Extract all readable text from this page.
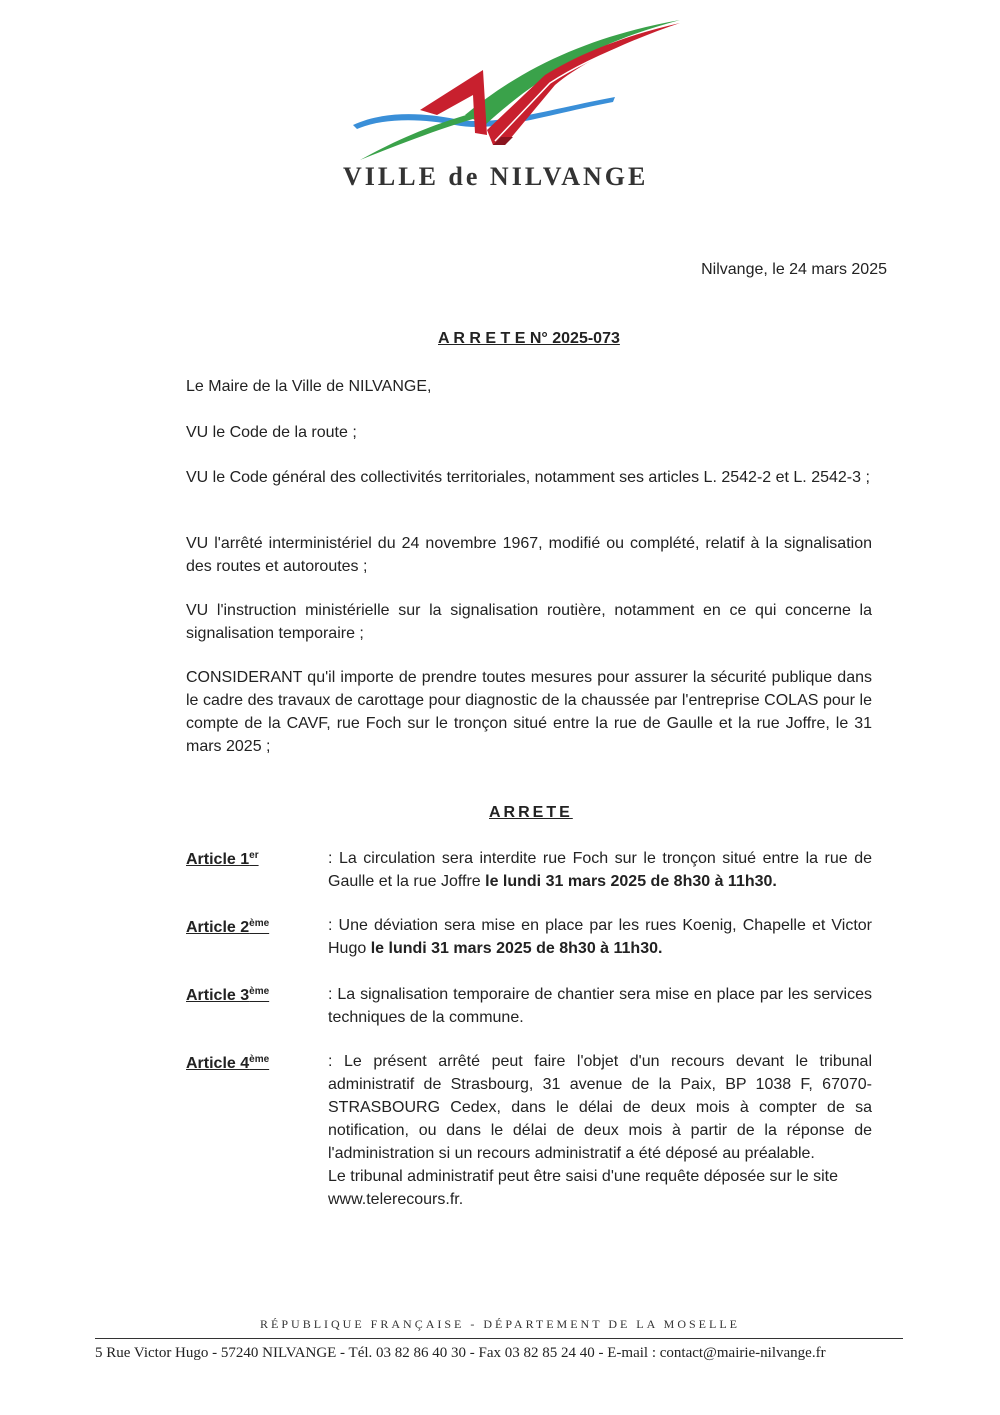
VILLE de NILVANGE
Nilvange, le 24 mars 2025
A R R E T E N° 2025-073
Le Maire de la Ville de NILVANGE,
VU le Code de la route ;
VU le Code général des collectivités territoriales, notamment ses articles L. 2542-2 et L. 2542-3 ;
VU l'arrêté interministériel du 24 novembre 1967, modifié ou complété, relatif à la signalisation des routes et autoroutes ;
VU l'instruction ministérielle sur la signalisation routière, notamment en ce qui concerne la signalisation temporaire ;
CONSIDERANT qu'il importe de prendre toutes mesures pour assurer la sécurité publique dans le cadre des travaux de carottage pour diagnostic de la chaussée par l'entreprise COLAS pour le compte de la CAVF, rue Foch sur le tronçon situé entre la rue de Gaulle et la rue Joffre, le 31 mars 2025 ;
ARRETE
Article 1er	: La circulation sera interdite rue Foch sur le tronçon situé entre la rue de Gaulle et la rue Joffre le lundi 31 mars 2025 de 8h30 à 11h30.
Article 2ème	: Une déviation sera mise en place par les rues Koenig, Chapelle et Victor Hugo le lundi 31 mars 2025 de 8h30 à 11h30.
Article 3ème	: La signalisation temporaire de chantier sera mise en place par les services techniques de la commune.
Article 4ème	: Le présent arrêté peut faire l'objet d'un recours devant le tribunal administratif de Strasbourg, 31 avenue de la Paix, BP 1038 F, 67070-STRASBOURG Cedex, dans le délai de deux mois à compter de sa notification, ou dans le délai de deux mois à partir de la réponse de l'administration si un recours administratif a été déposé au préalable.
Le tribunal administratif peut être saisi d'une requête déposée sur le site www.telerecours.fr.
RÉPUBLIQUE FRANÇAISE - DÉPARTEMENT DE LA MOSELLE
5 Rue Victor Hugo - 57240 NILVANGE - Tél. 03 82 86 40 30 - Fax 03 82 85 24 40 - E-mail : contact@mairie-nilvange.fr
